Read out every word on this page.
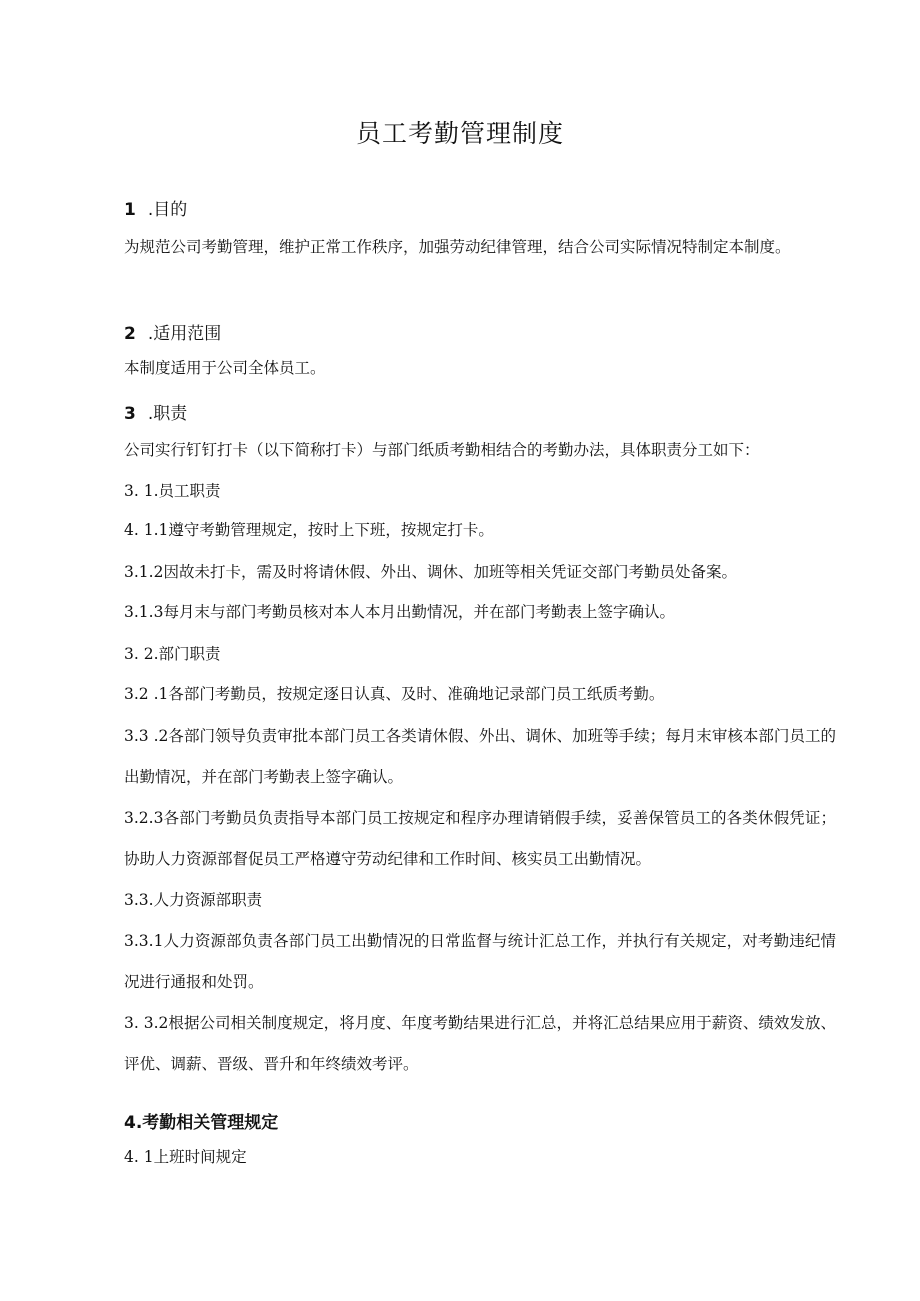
员工考勤管理制度
1 .目的
为规范公司考勤管理，维护正常工作秩序，加强劳动纪律管理，结合公司实际情况特制定本制度。
2 .适用范围
本制度适用于公司全体员工。
3 .职责
公司实行钉钉打卡（以下简称打卡）与部门纸质考勤相结合的考勤办法，具体职责分工如下：
3. 1.员工职责
4. 1.1遵守考勤管理规定，按时上下班，按规定打卡。
3.1.2因故未打卡，需及时将请休假、外出、调休、加班等相关凭证交部门考勤员处备案。
3.1.3每月末与部门考勤员核对本人本月出勤情况，并在部门考勤表上签字确认。
3. 2.部门职责
3.2 .1各部门考勤员，按规定逐日认真、及时、准确地记录部门员工纸质考勤。
3.3 .2各部门领导负责审批本部门员工各类请休假、外出、调休、加班等手续；每月末审核本部门员工的出勤情况，并在部门考勤表上签字确认。
3.2.3各部门考勤员负责指导本部门员工按规定和程序办理请销假手续，妥善保管员工的各类休假凭证；协助人力资源部督促员工严格遵守劳动纪律和工作时间、核实员工出勤情况。
3.3.人力资源部职责
3.3.1人力资源部负责各部门员工出勤情况的日常监督与统计汇总工作，并执行有关规定，对考勤违纪情况进行通报和处罚。
3. 3.2根据公司相关制度规定，将月度、年度考勤结果进行汇总，并将汇总结果应用于薪资、绩效发放、评优、调薪、晋级、晋升和年终绩效考评。
4.考勤相关管理规定
4. 1上班时间规定
